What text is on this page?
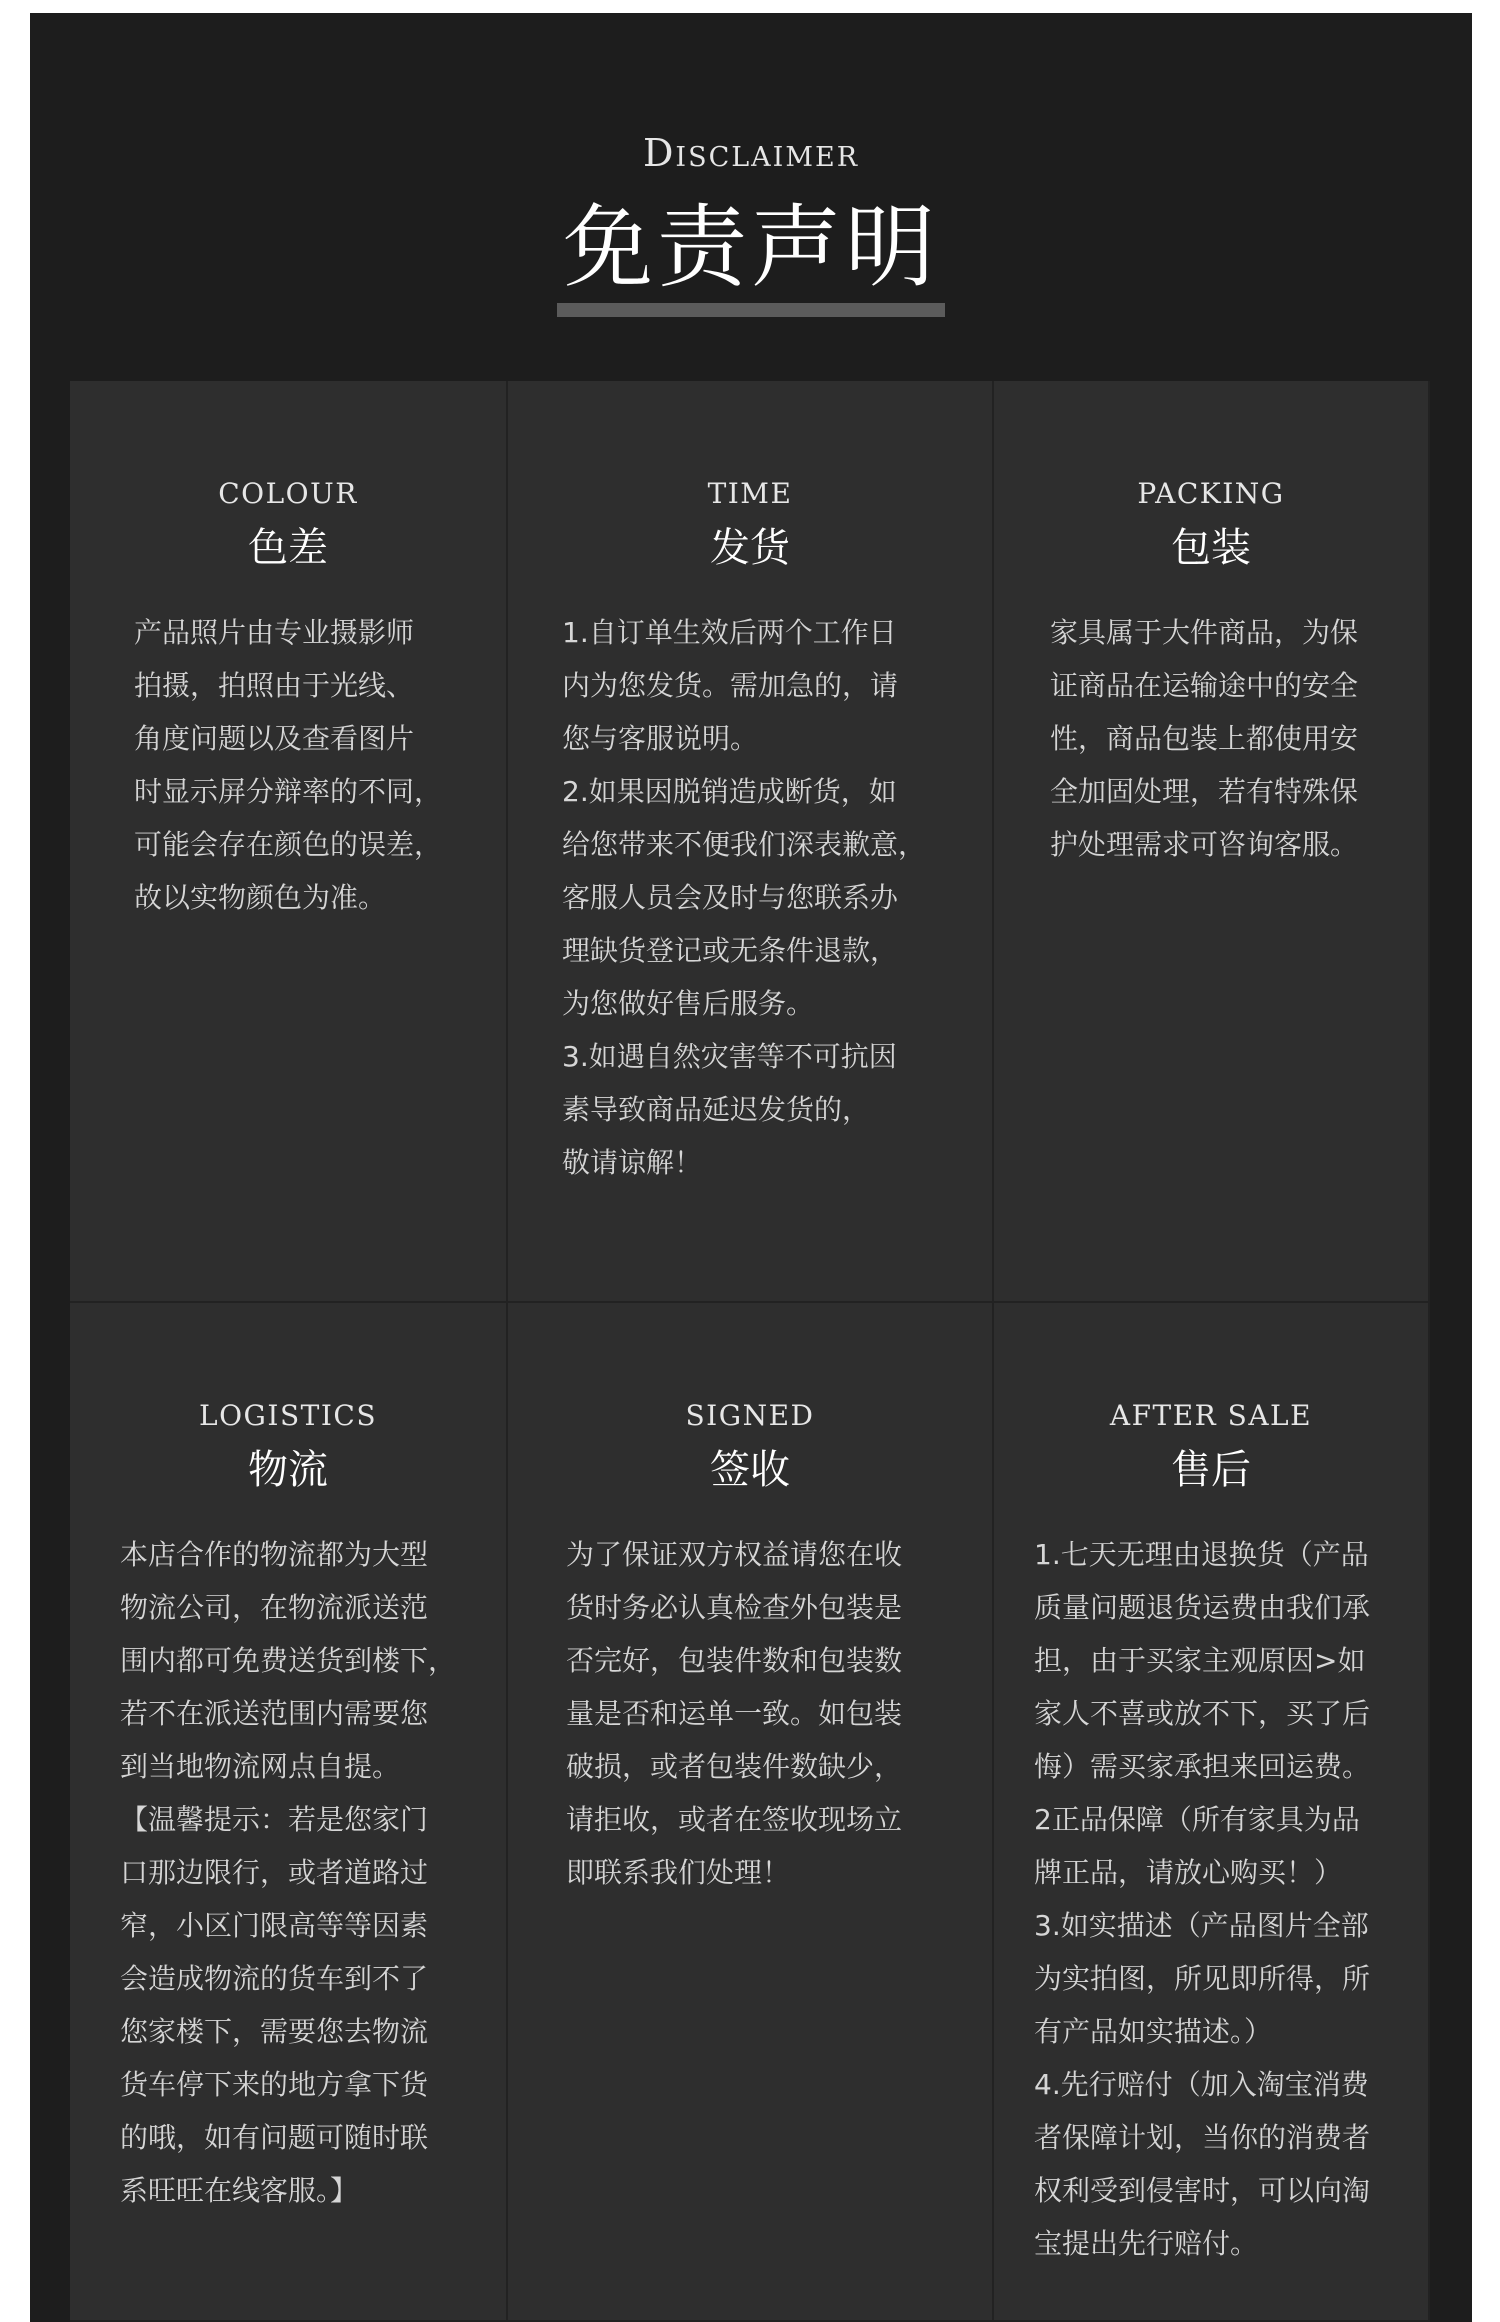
Disclaimer
免责声明
COLOUR
色差
产品照片由专业摄影师
拍摄，拍照由于光线、
角度问题以及查看图片
时显示屏分辩率的不同，
可能会存在颜色的误差，
故以实物颜色为准。
TIME
发货
1.自订单生效后两个工作日
内为您发货。需加急的，请
您与客服说明。
2.如果因脱销造成断货，如
给您带来不便我们深表歉意，
客服人员会及时与您联系办
理缺货登记或无条件退款，
为您做好售后服务。
3.如遇自然灾害等不可抗因
素导致商品延迟发货的，
敬请谅解！
PACKING
包装
家具属于大件商品，为保
证商品在运输途中的安全
性，商品包装上都使用安
全加固处理，若有特殊保
护处理需求可咨询客服。
LOGISTICS
物流
本店合作的物流都为大型
物流公司，在物流派送范
围内都可免费送货到楼下，
若不在派送范围内需要您
到当地物流网点自提。
【温馨提示：若是您家门
口那边限行，或者道路过
窄，小区门限高等等因素
会造成物流的货车到不了
您家楼下，需要您去物流
货车停下来的地方拿下货
的哦，如有问题可随时联
系旺旺在线客服。】
SIGNED
签收
为了保证双方权益请您在收
货时务必认真检查外包装是
否完好，包装件数和包装数
量是否和运单一致。如包装
破损，或者包装件数缺少，
请拒收，或者在签收现场立
即联系我们处理！
AFTER SALE
售后
1.七天无理由退换货（产品
质量问题退货运费由我们承
担，由于买家主观原因>如
家人不喜或放不下，买了后
悔）需买家承担来回运费。
2正品保障（所有家具为品
牌正品，请放心购买！）
3.如实描述（产品图片全部
为实拍图，所见即所得，所
有产品如实描述。）
4.先行赔付（加入淘宝消费
者保障计划，当你的消费者
权利受到侵害时，可以向淘
宝提出先行赔付。
